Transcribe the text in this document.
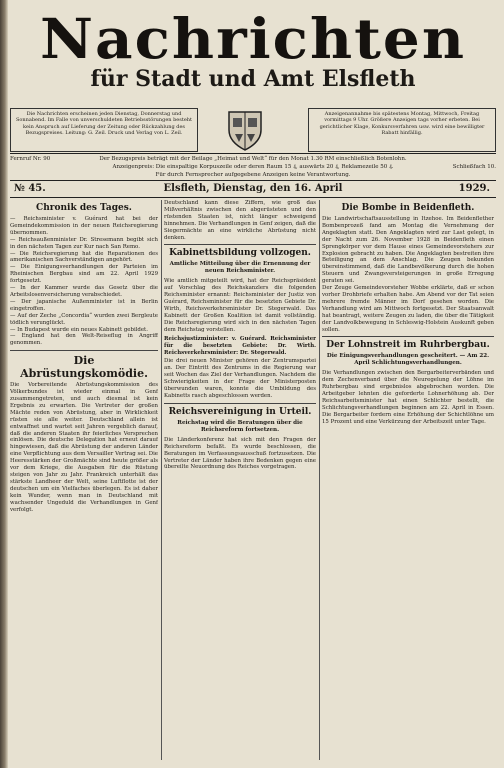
Nachrichten
für Stadt und Amt Elsfleth
Die Nachrichten erscheinen jeden Dienstag, Donnerstag und Sonnabend. Im Falle von unverschuldeten Betriebsstörungen besteht kein Anspruch auf Lieferung der Zeitung oder Rückzahlung des Bezugspreises. Leitung: G. Zeil. Druck und Verlag von L. Zeil.
Anzeigenannahme bis spätestens Montag, Mittwoch, Freitag vormittags 9 Uhr. Größere Anzeigen tags vorher erbeten. Bei gerichtlicher Klage, Konkursverfahren usw. wird eine bewilligter Rabatt hinfällig.
Fernruf Nr. 90	Der Bezugspreis beträgt mit der Beilage „Heimat und Welt“ für den Monat 1.30 RM einschließlich Botenlohn.
Anzeigenpreis: Die einspaltige Korpuszeile oder deren Raum 15 ₰, auswärts 20 ₰, Reklamezeile 50 ₰.	Schließfach 10.
Für durch Fernsprecher aufgegebene Anzeigen keine Verantwortung.
№ 45.	Elsfleth, Dienstag, den 16. April	1929.
Chronik des Tages.

— Reichsminister v. Guérard hat bei der Gemeindekommission in der neuen Reichsregierung übernommen.

— Reichsaußenminister Dr. Stresemann begibt sich in den nächsten Tagen zur Kur nach San Remo.

— Die Reichsregierung hat die Reparationen des amerikanischen Sachverständigen angehört.

— Die Einigungsverhandlungen der Parteien im Rheinischen Bergbau sind am 22. April 1929 fortgesetzt.

— In der Kammer wurde das Gesetz über die Arbeitslosenversicherung verabschiedet.

— Der japanische Außenminister ist in Berlin eingetroffen.

— Auf der Zeche „Concordia“ wurden zwei Bergleute tödlich verunglückt.

— In Budapest wurde ein neues Kabinett gebildet.

— England hat den Welt-Reiseflug in Angriff genommen.

Die Abrüstungskomödie.

Die Vorbereitende Abrüstungskommission des Völkerbundes ist wieder einmal in Genf zusammengetreten, und auch diesmal ist kein Ergebnis zu erwarten. Die Vertreter der großen Mächte reden von Abrüstung, aber in Wirklichkeit rüsten sie alle weiter. Deutschland allein ist entwaffnet und wartet seit Jahren vergeblich darauf, daß die anderen Staaten ihr feierliches Versprechen einlösen. Die deutsche Delegation hat erneut darauf hingewiesen, daß die Abrüstung der anderen Länder eine Verpflichtung aus dem Versailler Vertrag sei. Die Heeresstärken der Großmächte sind heute größer als vor dem Kriege, die Ausgaben für die Rüstung steigen von Jahr zu Jahr. Frankreich unterhält das stärkste Landheer der Welt, seine Luftflotte ist der deutschen um ein Vielfaches überlegen. Es ist daher kein Wunder, wenn man in Deutschland mit wachsender Ungeduld die Verhandlungen in Genf verfolgt.

Deutschland kann diese Ziffern, wie groß das Mißverhältnis zwischen den abgerüsteten und den rüstenden Staaten ist, nicht länger schweigend hinnehmen. Die Verhandlungen in Genf zeigen, daß die Siegermächte an eine wirkliche Abrüstung nicht denken.

Kabinettsbildung vollzogen.
Amtliche Mitteilung über die Ernennung der neuen Reichsminister.

Wie amtlich mitgeteilt wird, hat der Reichspräsident auf Vorschlag des Reichskanzlers die folgenden Reichsminister ernannt: Reichsminister der Justiz von Guérard, Reichsminister für die besetzten Gebiete Dr. Wirth, Reichsverkehrsminister Dr. Stegerwald. Das Kabinett der Großen Koalition ist damit vollständig. Die Reichsregierung wird sich in den nächsten Tagen dem Reichstag vorstellen.

Reichsjustizminister: v. Guérard. Reichsminister für die besetzten Gebiete: Dr. Wirth. Reichsverkehrsminister: Dr. Stegerwald.

Die drei neuen Minister gehören der Zentrumspartei an. Der Eintritt des Zentrums in die Regierung war seit Wochen das Ziel der Verhandlungen. Nachdem die Schwierigkeiten in der Frage der Ministerposten überwunden waren, konnte die Umbildung des Kabinetts rasch abgeschlossen werden.

Reichsvereinigung in Urteil.
Reichstag wird die Beratungen über die Reichsreform fortsetzen.

Die Länderkonferenz hat sich mit den Fragen der Reichsreform befaßt. Es wurde beschlossen, die Beratungen im Verfassungsausschuß fortzusetzen. Die Vertreter der Länder haben ihre Bedenken gegen eine übereilte Neuordnung des Reiches vorgetragen.

Die Bombe in Beidenfleth.

Die Landwirtschaftsausstellung in Itzehoe. Im Beidenflether Bombenprozeß fand am Montag die Vernehmung der Angeklagten statt. Den Angeklagten wird zur Last gelegt, in der Nacht zum 26. November 1928 in Beidenfleth einen Sprengkörper vor dem Hause eines Gemeindevorstehers zur Explosion gebracht zu haben. Die Angeklagten bestreiten ihre Beteiligung an dem Anschlag. Die Zeugen bekunden übereinstimmend, daß die Landbevölkerung durch die hohen Steuern und Zwangsversteigerungen in große Erregung geraten sei.

Der Zeuge Gemeindevorsteher Wobbe erklärte, daß er schon vorher Drohbriefe erhalten habe. Am Abend vor der Tat seien mehrere fremde Männer im Dorf gesehen worden. Die Verhandlung wird am Mittwoch fortgesetzt. Der Staatsanwalt hat beantragt, weitere Zeugen zu laden, die über die Tätigkeit der Landvolkbewegung in Schleswig-Holstein Auskunft geben sollen.

Der Lohnstreit im Ruhrbergbau.
Die Einigungsverhandlungen gescheitert. — Am 22. April Schlichtungsverhandlungen.

Die Verhandlungen zwischen den Bergarbeiterverbänden und dem Zechenverband über die Neuregelung der Löhne im Ruhrbergbau sind ergebnislos abgebrochen worden. Die Arbeitgeber lehnten die geforderte Lohnerhöhung ab. Der Reichsarbeitsminister hat einen Schlichter bestellt, die Schlichtungsverhandlungen beginnen am 22. April in Essen. Die Bergarbeiter fordern eine Erhöhung der Schichtlöhne um 15 Prozent und eine Verkürzung der Arbeitszeit unter Tage.
